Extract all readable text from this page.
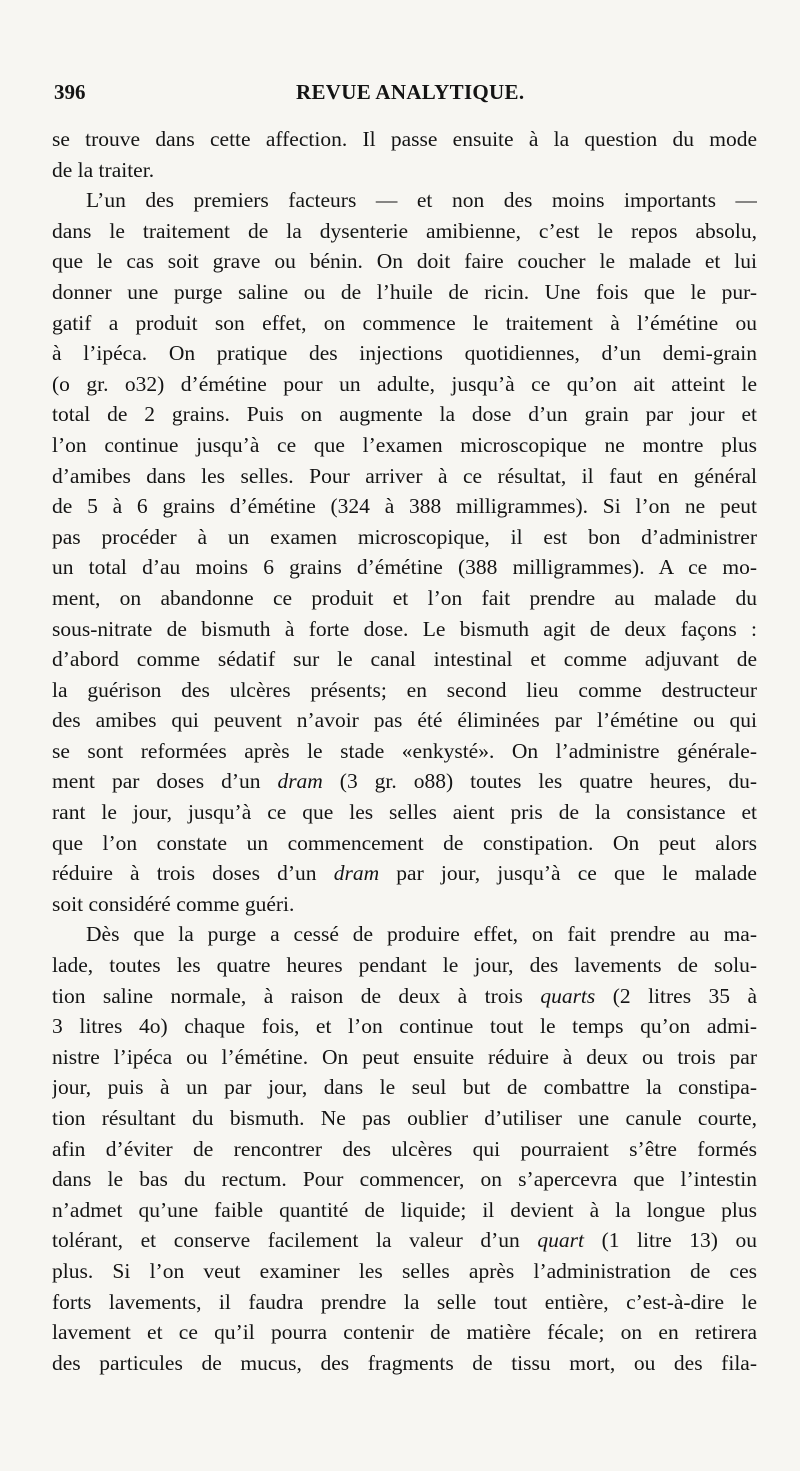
396	REVUE ANALYTIQUE.
se trouve dans cette affection. Il passe ensuite à la question du mode
de la traiter.
L’un des premiers facteurs — et non des moins importants —
dans le traitement de la dysenterie amibienne, c’est le repos absolu,
que le cas soit grave ou bénin. On doit faire coucher le malade et lui
donner une purge saline ou de l’huile de ricin. Une fois que le pur-
gatif a produit son effet, on commence le traitement à l’émétine ou
à l’ipéca. On pratique des injections quotidiennes, d’un demi-grain
(o gr. o32) d’émétine pour un adulte, jusqu’à ce qu’on ait atteint le
total de 2 grains. Puis on augmente la dose d’un grain par jour et
l’on continue jusqu’à ce que l’examen microscopique ne montre plus
d’amibes dans les selles. Pour arriver à ce résultat, il faut en général
de 5 à 6 grains d’émétine (324 à 388 milligrammes). Si l’on ne peut
pas procéder à un examen microscopique, il est bon d’administrer
un total d’au moins 6 grains d’émétine (388 milligrammes). A ce mo-
ment, on abandonne ce produit et l’on fait prendre au malade du
sous-nitrate de bismuth à forte dose. Le bismuth agit de deux façons :
d’abord comme sédatif sur le canal intestinal et comme adjuvant de
la guérison des ulcères présents; en second lieu comme destructeur
des amibes qui peuvent n’avoir pas été éliminées par l’émétine ou qui
se sont reformées après le stade «enkysté». On l’administre générale-
ment par doses d’un dram (3 gr. o88) toutes les quatre heures, du-
rant le jour, jusqu’à ce que les selles aient pris de la consistance et
que l’on constate un commencement de constipation. On peut alors
réduire à trois doses d’un dram par jour, jusqu’à ce que le malade
soit considéré comme guéri.
Dès que la purge a cessé de produire effet, on fait prendre au ma-
lade, toutes les quatre heures pendant le jour, des lavements de solu-
tion saline normale, à raison de deux à trois quarts (2 litres 35 à
3 litres 4o) chaque fois, et l’on continue tout le temps qu’on admi-
nistre l’ipéca ou l’émétine. On peut ensuite réduire à deux ou trois par
jour, puis à un par jour, dans le seul but de combattre la constipa-
tion résultant du bismuth. Ne pas oublier d’utiliser une canule courte,
afin d’éviter de rencontrer des ulcères qui pourraient s’être formés
dans le bas du rectum. Pour commencer, on s’apercevra que l’intestin
n’admet qu’une faible quantité de liquide; il devient à la longue plus
tolérant, et conserve facilement la valeur d’un quart (1 litre 13) ou
plus. Si l’on veut examiner les selles après l’administration de ces
forts lavements, il faudra prendre la selle tout entière, c’est-à-dire le
lavement et ce qu’il pourra contenir de matière fécale; on en retirera
des particules de mucus, des fragments de tissu mort, ou des fila-
